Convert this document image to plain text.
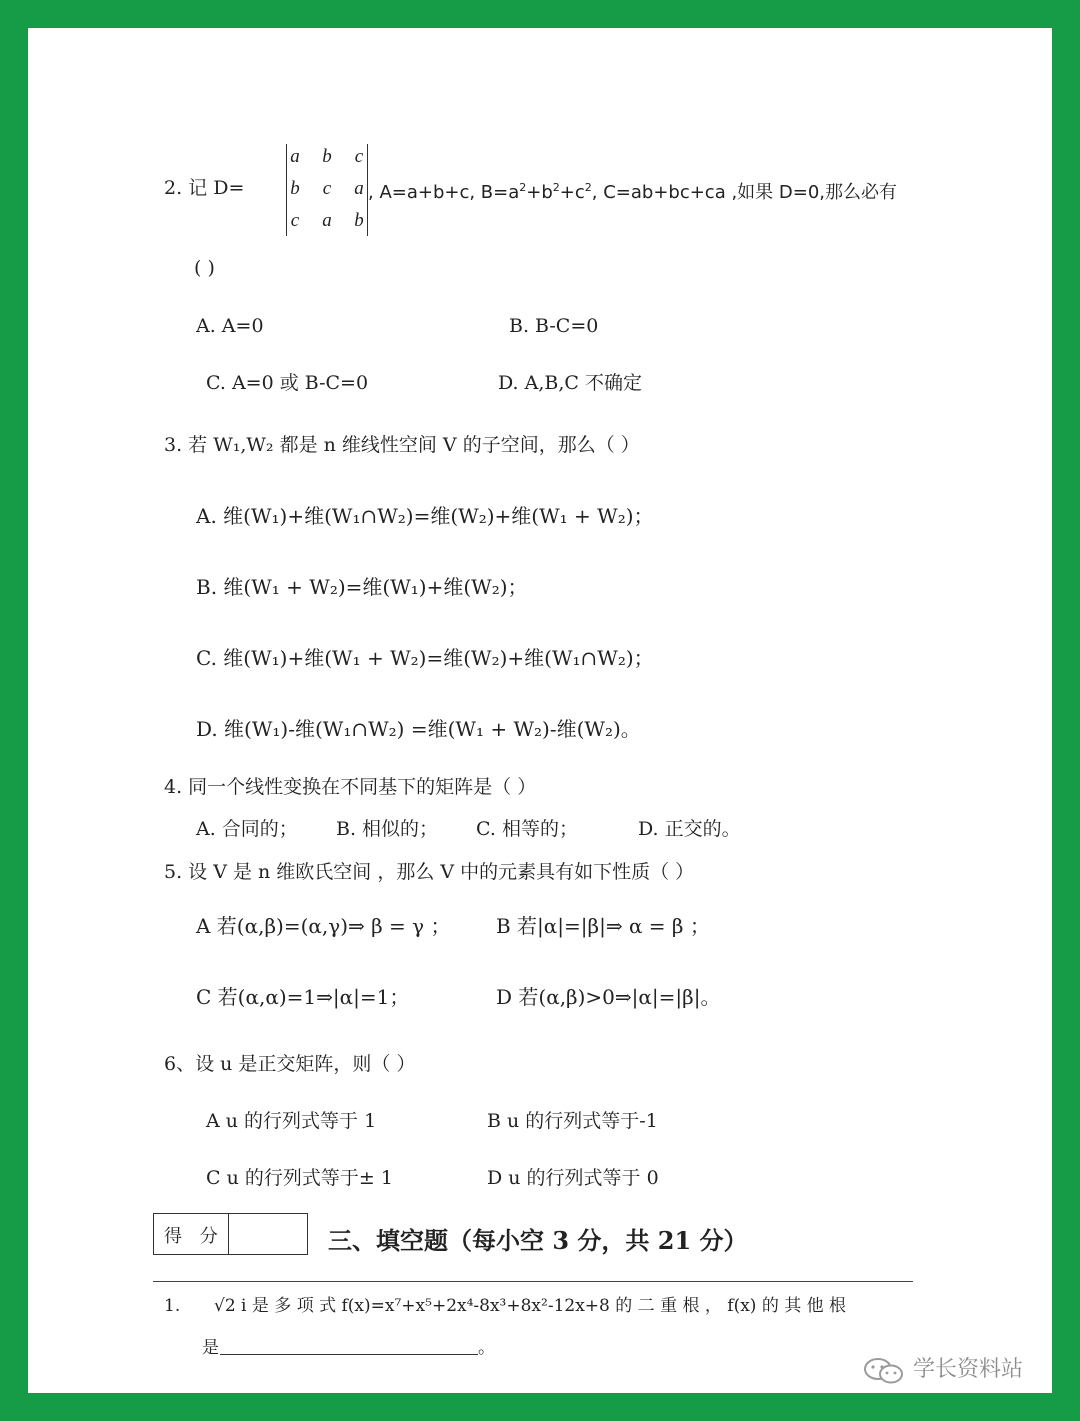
2. 记 D=
a b	c
b	c	a
c	a b
, A=a+b+c, $B=a^2+b^2+c^2$, C=ab+bc+ca ,如果 D=0,那么必有
( )
A. A=0	B. B-C=0
C. A=0 或 B-C=0	D. A,B,C 不确定
3. 若 W₁,W₂ 都是 n 维线性空间 V 的子空间，那么（ ）
A. 维(W₁)+维(W₁∩W₂)=维(W₂)+维(W₁ + W₂)；
B. 维(W₁ + W₂)=维(W₁)+维(W₂)；
C. 维(W₁)+维(W₁ + W₂)=维(W₂)+维(W₁∩W₂)；
D. 维(W₁)-维(W₁∩W₂) =维(W₁ + W₂)-维(W₂)。
4. 同一个线性变换在不同基下的矩阵是（ ）
A. 合同的； B. 相似的； C. 相等的；	D. 正交的。
5. 设 V 是 n 维欧氏空间 ，那么 V 中的元素具有如下性质（ ）
A 若(α,β)=(α,γ)⇒ β = γ ； B 若|α|=|β|⇒ α = β ；
C 若(α,α)=1⇒|α|=1；	D 若(α,β)>0⇒|α|=|β|。
6、设 u 是正交矩阵，则（ ）
A u 的行列式等于 1	B u 的行列式等于-1
C u 的行列式等于± 1	D u 的行列式等于 0
得 分	三、填空题（每小空 3 分，共 21 分）
1. √2 i 是 多 项 式 f(x)=x⁷+x⁵+2x⁴-8x³+8x²-12x+8 的 二 重 根 ， f(x) 的 其 他 根
是	。
学长资料站
